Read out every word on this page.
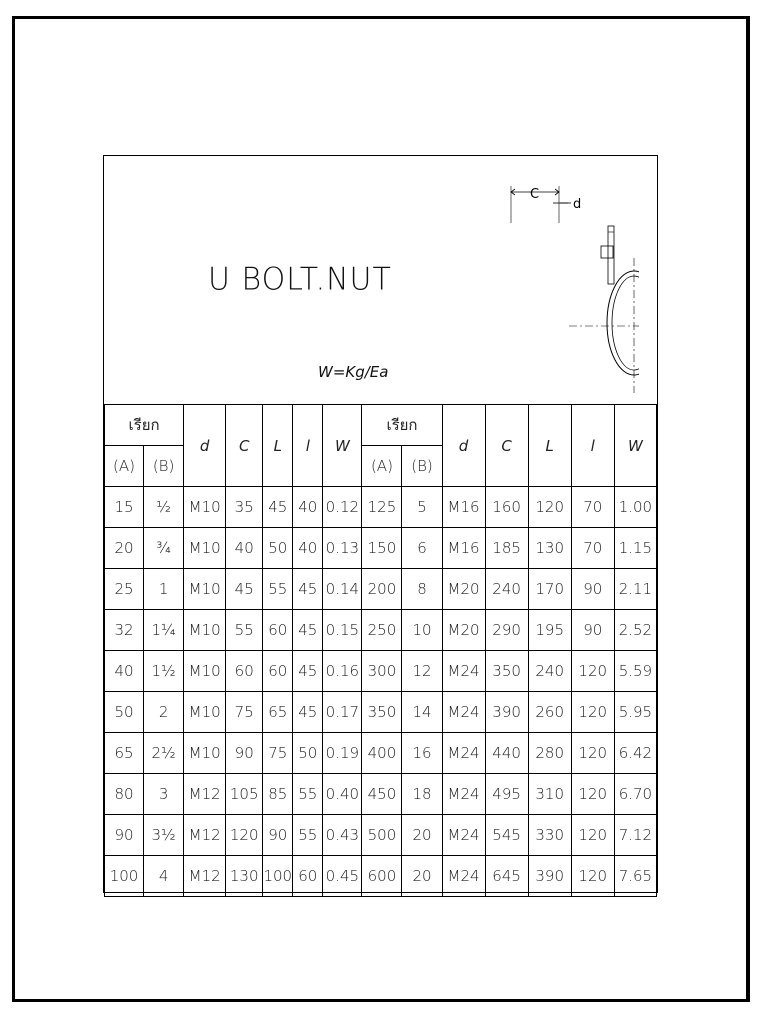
U BOLT.NUT
W=Kg/Ea
C
d
เรียก		d	C	L	l	W	เรียก		d	C	L	l	W
(A)	(B)						(A)	(B)					
15	½	M10	35	45	40	0.12	125	5	M16	160	120	70	1.00
20	¾	M10	40	50	40	0.13	150	6	M16	185	130	70	1.15
25	1	M10	45	55	45	0.14	200	8	M20	240	170	90	2.11
32	1¼	M10	55	60	45	0.15	250	10	M20	290	195	90	2.52
40	1½	M10	60	60	45	0.16	300	12	M24	350	240	120	5.59
50	2	M10	75	65	45	0.17	350	14	M24	390	260	120	5.95
65	2½	M10	90	75	50	0.19	400	16	M24	440	280	120	6.42
80	3	M12	105	85	55	0.40	450	18	M24	495	310	120	6.70
90	3½	M12	120	90	55	0.43	500	20	M24	545	330	120	7.12
100	4	M12	130	100	60	0.45	600	20	M24	645	390	120	7.65
